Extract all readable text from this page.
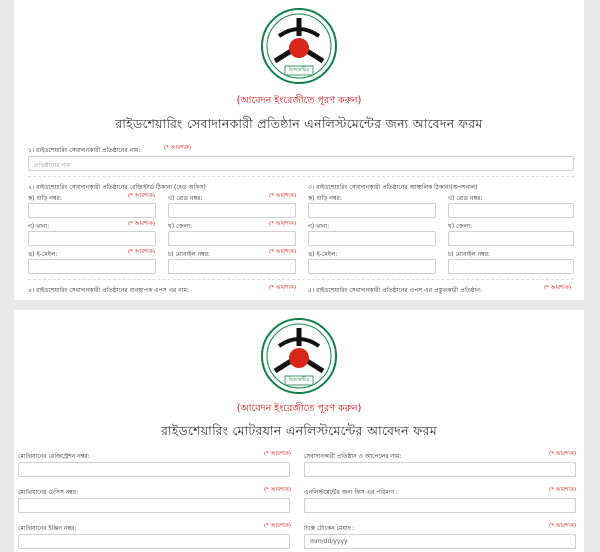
বিআরটিএ
(আবেদন ইংরেজীতে পূরণ করুন)
রাইডশেয়ারিং সেবাদানকারী প্রতিষ্ঠান এনলিস্টমেন্টের জন্য আবেদন ফরম
১। রাইডশেয়ারিং সেবাদানকারী প্রতিষ্ঠানের নাম:	(* আবশ্যক)
প্রতিষ্ঠানের নাম
২। রাইডশেয়ারিং সেবাদানকারী প্রতিষ্ঠানের রেজিস্টার্ড ঠিকানা (হেড অফিস)	৩। রাইডশেয়ারিং সেবাদানকারী প্রতিষ্ঠানের আঞ্চলিক ঠিকানা(অপশনাল)
ক) বাড়ি নম্বর:	(* আবশ্যক) খ) রোড নম্বর:	(* আবশ্যক) ক) বাড়ি নম্বর:	খ) রোড নম্বর:
গ) থানা:	(* আবশ্যক) ঘ) জেলা:	(* আবশ্যক) গ) থানা:	ঘ) জেলা:
ঙ) ই-মেইল:	(* আবশ্যক) চ) মোবাইল নম্বর:	(* আবশ্যক) ঙ) ই-মেইল:	চ) মোবাইল নম্বর:
৪। রাইডশেয়ারিং সেবাদানকারী প্রতিষ্ঠানের ব্যবস্থাপক এপস এর নাম:	(* আবশ্যক) ৫। রাইডশেয়ারিং সেবাদানকারী প্রতিষ্ঠানের এপস এর প্রস্তুতকারী প্রতিষ্ঠান:	(* আবশ্যক)
বিআরটিএ
(আবেদন ইংরেজীতে পূরণ করুন)
রাইডশেয়ারিং মোটরযান এনলিস্টমেন্টের আবেদন ফরম
মোটরযানের রেজিস্ট্রেশন নম্বর:	(* আবশ্যক) সেবাদানকারী প্রতিষ্ঠান ও আপেলের নাম:	(* আবশ্যক)
মোটরযানের চেসিস নম্বর:	(* আবশ্যক) এনলিস্টমেন্টের জন্য ফিস এর পরিমাণ :	(* আবশ্যক)
মোটরযানের ইঞ্জিন নম্বর:	(* আবশ্যক) ট্যাক্স টোকেন মেয়াদ :	(* আবশ্যক)
mm/dd/yyyy
